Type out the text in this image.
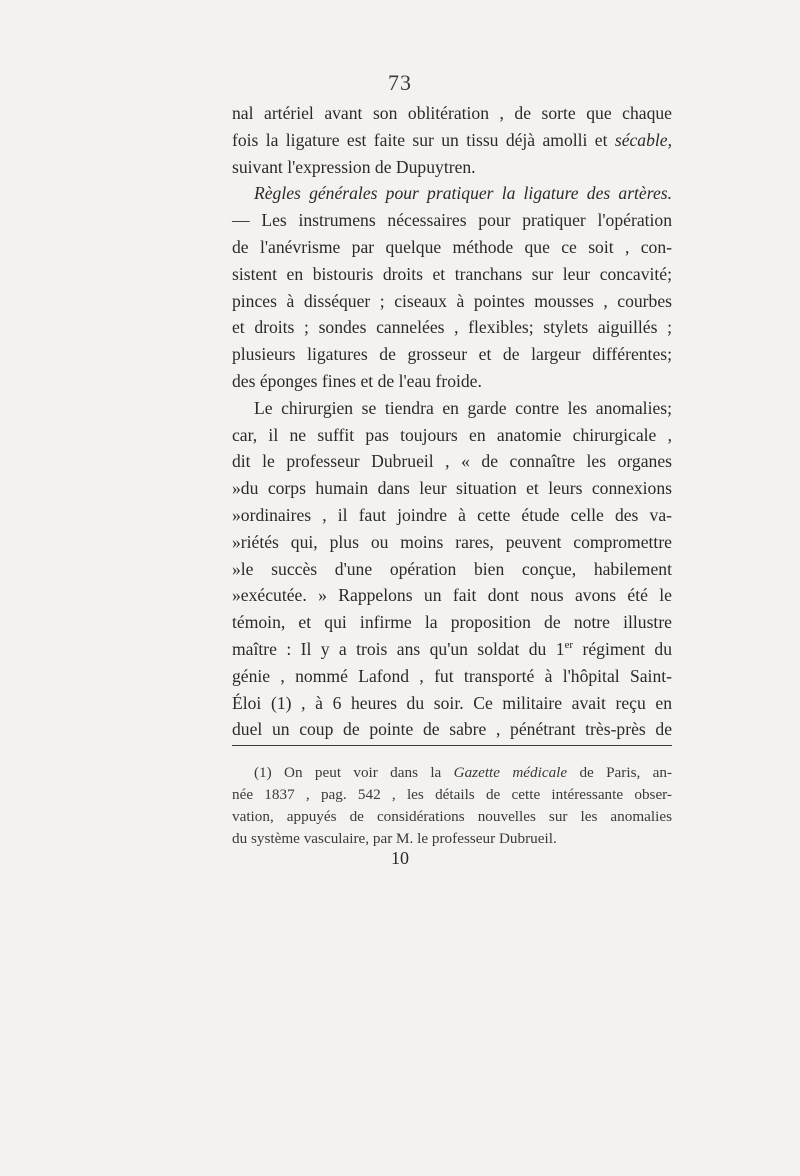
73
nal artériel avant son oblitération , de sorte que chaque
fois la ligature est faite sur un tissu déjà amolli et sécable,
suivant l'expression de Dupuytren.
Règles générales pour pratiquer la ligature des artères.
— Les instrumens nécessaires pour pratiquer l'opération
de l'anévrisme par quelque méthode que ce soit , con-
sistent en bistouris droits et tranchans sur leur concavité;
pinces à disséquer ; ciseaux à pointes mousses , courbes
et droits ; sondes cannelées , flexibles; stylets aiguillés ;
plusieurs ligatures de grosseur et de largeur différentes;
des éponges fines et de l'eau froide.
Le chirurgien se tiendra en garde contre les anomalies;
car, il ne suffit pas toujours en anatomie chirurgicale ,
dit le professeur Dubrueil , « de connaître les organes
»du corps humain dans leur situation et leurs connexions
»ordinaires , il faut joindre à cette étude celle des va-
»riétés qui, plus ou moins rares, peuvent compromettre
»le succès d'une opération bien conçue, habilement
»exécutée. » Rappelons un fait dont nous avons été le
témoin, et qui infirme la proposition de notre illustre
maître : Il y a trois ans qu'un soldat du 1er régiment du
génie , nommé Lafond , fut transporté à l'hôpital Saint-
Éloi (1) , à 6 heures du soir. Ce militaire avait reçu en
duel un coup de pointe de sabre , pénétrant très-près de
(1) On peut voir dans la Gazette médicale de Paris, an-
née 1837 , pag. 542 , les détails de cette intéressante obser-
vation, appuyés de considérations nouvelles sur les anomalies
du système vasculaire, par M. le professeur Dubrueil.
10
